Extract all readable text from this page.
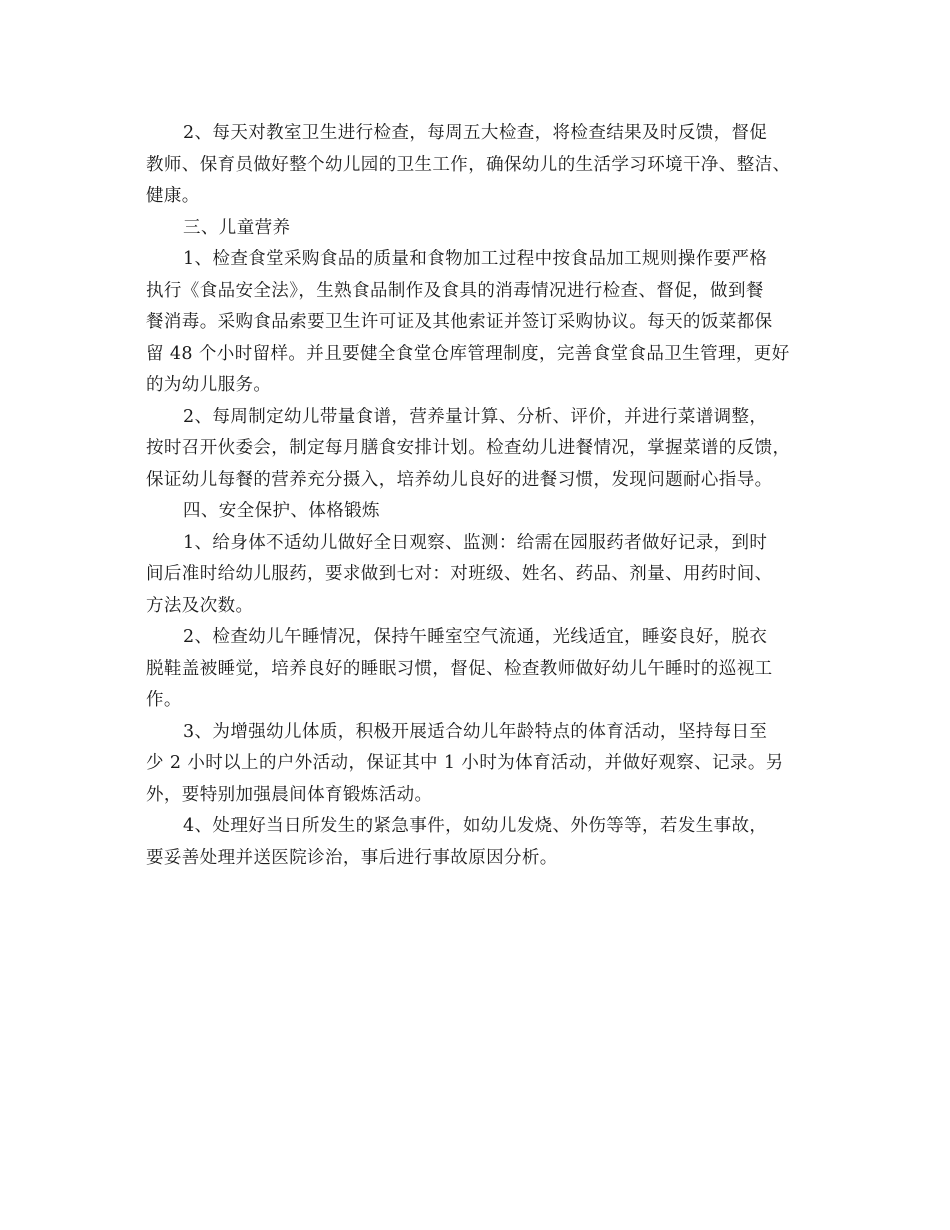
2、每天对教室卫生进行检查，每周五大检查，将检查结果及时反馈，督促
教师、保育员做好整个幼儿园的卫生工作，确保幼儿的生活学习环境干净、整洁、
健康。
三、儿童营养
1、检查食堂采购食品的质量和食物加工过程中按食品加工规则操作要严格
执行《食品安全法》，生熟食品制作及食具的消毒情况进行检查、督促，做到餐
餐消毒。采购食品索要卫生许可证及其他索证并签订采购协议。每天的饭菜都保
留 48 个小时留样。并且要健全食堂仓库管理制度，完善食堂食品卫生管理，更好
的为幼儿服务。
2、每周制定幼儿带量食谱，营养量计算、分析、评价，并进行菜谱调整，
按时召开伙委会，制定每月膳食安排计划。检查幼儿进餐情况，掌握菜谱的反馈，
保证幼儿每餐的营养充分摄入，培养幼儿良好的进餐习惯，发现问题耐心指导。
四、安全保护、体格锻炼
1、给身体不适幼儿做好全日观察、监测：给需在园服药者做好记录，到时
间后准时给幼儿服药，要求做到七对：对班级、姓名、药品、剂量、用药时间、
方法及次数。
2、检查幼儿午睡情况，保持午睡室空气流通，光线适宜，睡姿良好，脱衣
脱鞋盖被睡觉，培养良好的睡眠习惯，督促、检查教师做好幼儿午睡时的巡视工
作。
3、为增强幼儿体质，积极开展适合幼儿年龄特点的体育活动，坚持每日至
少 2 小时以上的户外活动，保证其中 1 小时为体育活动，并做好观察、记录。另
外，要特别加强晨间体育锻炼活动。
4、处理好当日所发生的紧急事件，如幼儿发烧、外伤等等，若发生事故，
要妥善处理并送医院诊治，事后进行事故原因分析。
